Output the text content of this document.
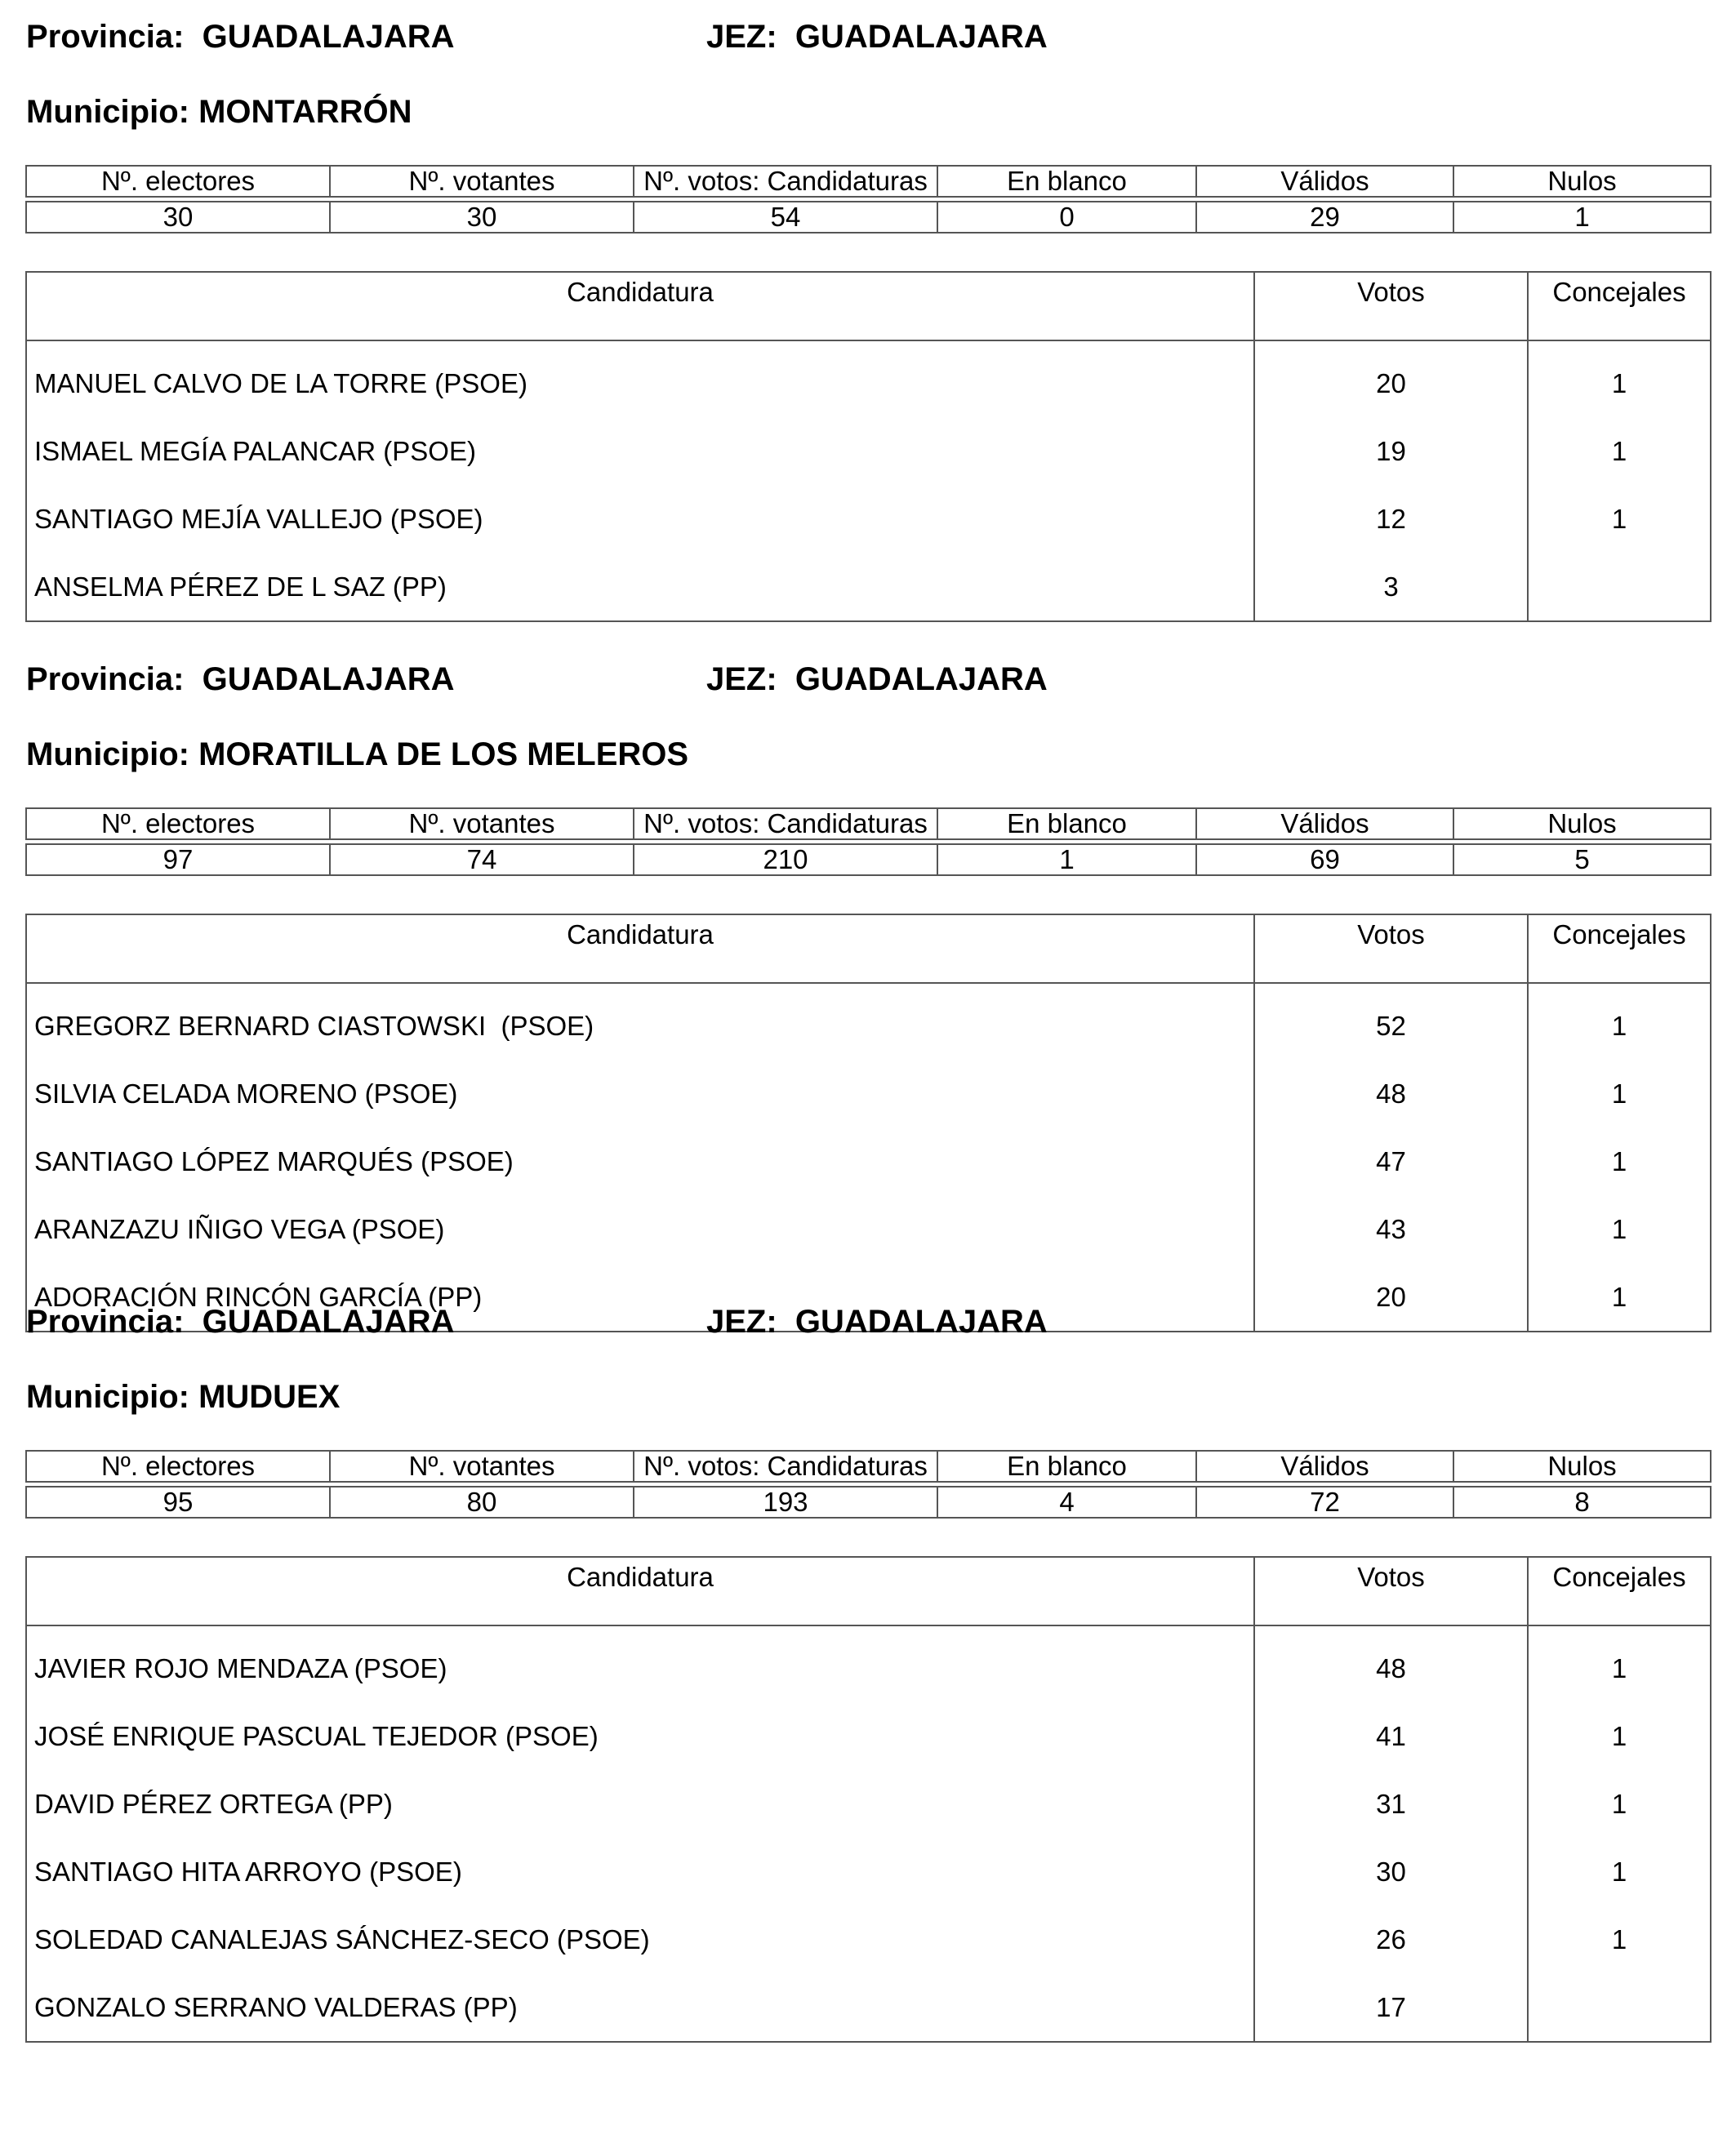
Provincia:  GUADALAJARA	JEZ:  GUADALAJARA
Municipio: MONTARRÓN
Nº. electores	Nº. votantes	Nº. votos: Candidaturas	En blanco	Válidos	Nulos

30	30	54	0	29	1
Candidatura	Votos	Concejales
MANUEL CALVO DE LA TORRE (PSOE)	20	1
ISMAEL MEGÍA PALANCAR (PSOE)	19	1
SANTIAGO MEJÍA VALLEJO (PSOE)	12	1
ANSELMA PÉREZ DE L SAZ (PP)	3	
Provincia:  GUADALAJARA	JEZ:  GUADALAJARA
Municipio: MORATILLA DE LOS MELEROS
Nº. electores	Nº. votantes	Nº. votos: Candidaturas	En blanco	Válidos	Nulos

97	74	210	1	69	5
Candidatura	Votos	Concejales
GREGORZ BERNARD CIASTOWSKI  (PSOE)	52	1
SILVIA CELADA MORENO (PSOE)	48	1
SANTIAGO LÓPEZ MARQUÉS (PSOE)	47	1
ARANZAZU IÑIGO VEGA (PSOE)	43	1
ADORACIÓN RINCÓN GARCÍA (PP)	20	1
Provincia:  GUADALAJARA	JEZ:  GUADALAJARA
Municipio: MUDUEX
Nº. electores	Nº. votantes	Nº. votos: Candidaturas	En blanco	Válidos	Nulos

95	80	193	4	72	8
Candidatura	Votos	Concejales
JAVIER ROJO MENDAZA (PSOE)	48	1
JOSÉ ENRIQUE PASCUAL TEJEDOR (PSOE)	41	1
DAVID PÉREZ ORTEGA (PP)	31	1
SANTIAGO HITA ARROYO (PSOE)	30	1
SOLEDAD CANALEJAS SÁNCHEZ-SECO (PSOE)	26	1
GONZALO SERRANO VALDERAS (PP)	17	
